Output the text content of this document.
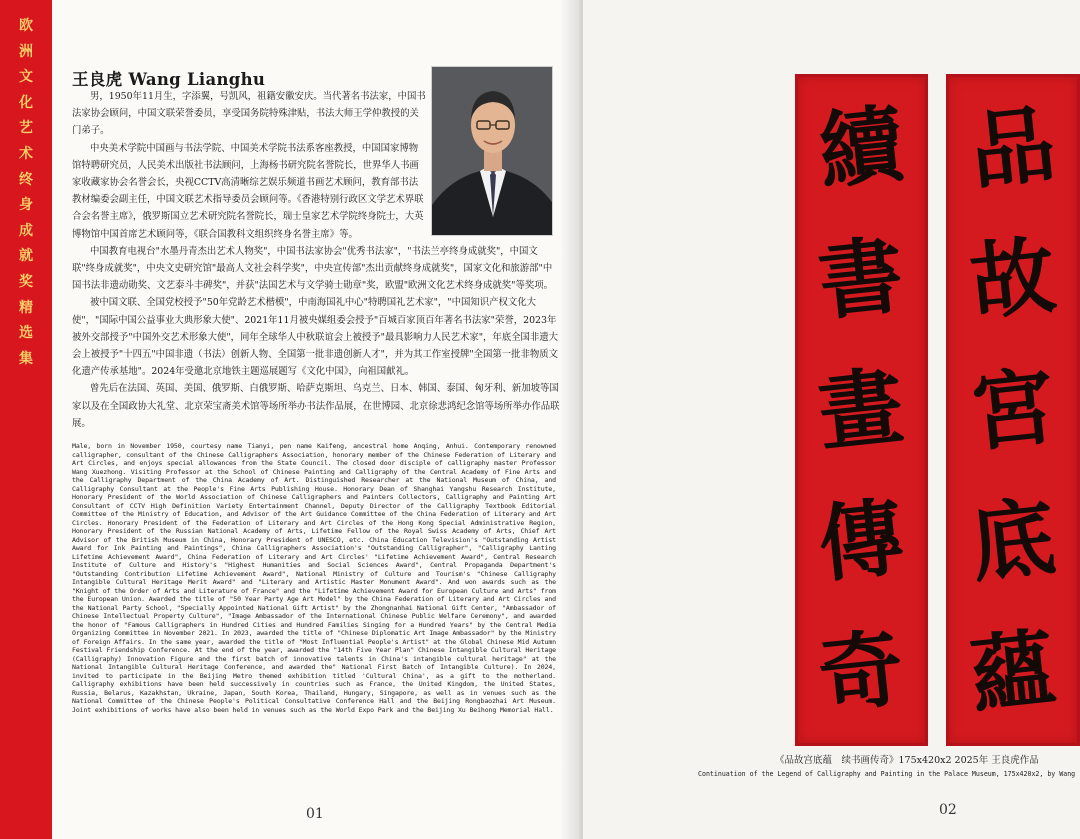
欧
洲
文
化
艺
术
终
身
成
就
奖
精
选
集
王良虎 Wang Lianghu

男，1950年11月生，字添翼，号凯风，祖籍安徽安庆。当代著名书法家，中国书法家协会顾问，中国文联荣誉委员，享受国务院特殊津贴，书法大师王学仲教授的关门弟子。

中央美术学院中国画与书法学院、中国美术学院书法系客座教授，中国国家博物馆特聘研究员，人民美术出版社书法顾问，上海杨书研究院名誉院长，世界华人书画家收藏家协会名誉会长，央视CCTV高清晰综艺娱乐频道书画艺术顾问，教育部书法教材编委会副主任，中国文联艺术指导委员会顾问等。《香港特别行政区文学艺术界联合会名誉主席》，俄罗斯国立艺术研究院名誉院长，瑞士皇家艺术学院终身院士，大英博物馆中国首席艺术顾问等，《联合国教科文组织终身名誉主席》等。

中国教育电视台"水墨丹青杰出艺术人物奖"，中国书法家协会"优秀书法家"，"书法兰亭终身成就奖"，中国文联"终身成就奖"，中央文史研究馆"最高人文社会科学奖"，中央宣传部"杰出贡献终身成就奖"，国家文化和旅游部"中国书法非遗动勋奖、文艺泰斗丰碑奖"，并获"法国艺术与文学骑士勋章"奖，欧盟"欧洲文化艺术终身成就奖"等奖项。

被中国文联、全国党校授予"50年党龄艺术楷模"，中南海国礼中心"特聘国礼艺术家"，"中国知识产权文化大使"，"国际中国公益事业大典形象大使"、2021年11月被央媒组委会授予"百城百家顶百年著名书法家"荣誉，2023年被外交部授予"中国外交艺术形象大使"，同年全球华人中秋联谊会上被授予"最具影响力人民艺术家"，年底全国非遗大会上被授予"十四五"中国非遗（书法）创新人物、全国第一批非遗创新人才"，并为其工作室授牌"全国第一批非物质文化遗产传承基地"。2024年受邀北京地铁主题巡展题写《文化中国》，向祖国献礼。

曾先后在法国、英国、美国、俄罗斯、白俄罗斯、哈萨克斯坦、乌克兰、日本、韩国、泰国、匈牙利、新加坡等国家以及在全国政协大礼堂、北京荣宝斋美术馆等场所举办书法作品展，在世博园、北京徐悲鸿纪念馆等场所举办作品联展。

Male, born in November 1950, courtesy name Tianyi, pen name Kaifeng, ancestral home Anqing, Anhui. Contemporary renowned calligrapher, consultant of the Chinese Calligraphers Association, honorary member of the Chinese Federation of Literary and Art Circles, and enjoys special allowances from the State Council. The closed door disciple of calligraphy master Professor Wang Xuezhong. Visiting Professor at the School of Chinese Painting and Calligraphy of the Central Academy of Fine Arts and the Calligraphy Department of the China Academy of Art. Distinguished Researcher at the National Museum of China, and Calligraphy Consultant at the People's Fine Arts Publishing House. Honorary Dean of Shanghai Yangshu Research Institute, Honorary President of the World Association of Chinese Calligraphers and Painters Collectors, Calligraphy and Painting Art Consultant of CCTV High Definition Variety Entertainment Channel, Deputy Director of the Calligraphy Textbook Editorial Committee of the Ministry of Education, and Advisor of the Art Guidance Committee of the China Federation of Literary and Art Circles. Honorary President of the Federation of Literary and Art Circles of the Hong Kong Special Administrative Region, Honorary President of the Russian National Academy of Arts, Lifetime Fellow of the Royal Swiss Academy of Arts, Chief Art Advisor of the British Museum in China, Honorary President of UNESCO, etc. China Education Television's "Outstanding Artist Award for Ink Painting and Paintings", China Calligraphers Association's "Outstanding Calligrapher", "Calligraphy Lanting Lifetime Achievement Award", China Federation of Literary and Art Circles' "Lifetime Achievement Award", Central Research Institute of Culture and History's "Highest Humanities and Social Sciences Award", Central Propaganda Department's "Outstanding Contribution Lifetime Achievement Award", National Ministry of Culture and Tourism's "Chinese Calligraphy Intangible Cultural Heritage Merit Award" and "Literary and Artistic Master Monument Award". And won awards such as the "Knight of the Order of Arts and Literature of France" and the "Lifetime Achievement Award for European Culture and Arts" from the European Union. Awarded the title of "50 Year Party Age Art Model" by the China Federation of Literary and Art Circles and the National Party School, "Specially Appointed National Gift Artist" by the Zhongnanhai National Gift Center, "Ambassador of Chinese Intellectual Property Culture", "Image Ambassador of the International Chinese Public Welfare Ceremony", and awarded the honor of "Famous Calligraphers in Hundred Cities and Hundred Families Singing for a Hundred Years" by the Central Media Organizing Committee in November 2021. In 2023, awarded the title of "Chinese Diplomatic Art Image Ambassador" by the Ministry of Foreign Affairs. In the same year, awarded the title of "Most Influential People's Artist" at the Global Chinese Mid Autumn Festival Friendship Conference. At the end of the year, awarded the "14th Five Year Plan" Chinese Intangible Cultural Heritage (Calligraphy) Innovation Figure and the first batch of innovative talents in China's intangible cultural heritage" at the National Intangible Cultural Heritage Conference, and awarded the" National First Batch of Intangible Culture). In 2024, invited to participate in the Beijing Metro themed exhibition titled 'Cultural China', as a gift to the motherland. Calligraphy exhibitions have been held successively in countries such as France, the United Kingdom, the United States, Russia, Belarus, Kazakhstan, Ukraine, Japan, South Korea, Thailand, Hungary, Singapore, as well as in venues such as the National Committee of the Chinese People's Political Consultative Conference Hall and the Beijing Rongbaozhai Art Museum. Joint exhibitions of works have also been held in venues such as the World Expo Park and the Beijing Xu Beihong Memorial Hall.
01
續
書
畫
傳
奇
品
故
宮
底
蘊
《品故宫底蕴　续书画传奇》175x420x2 2025年 王良虎作品
Continuation of the Legend of Calligraphy and Painting in the Palace Museum, 175x420x2, by Wang
02
